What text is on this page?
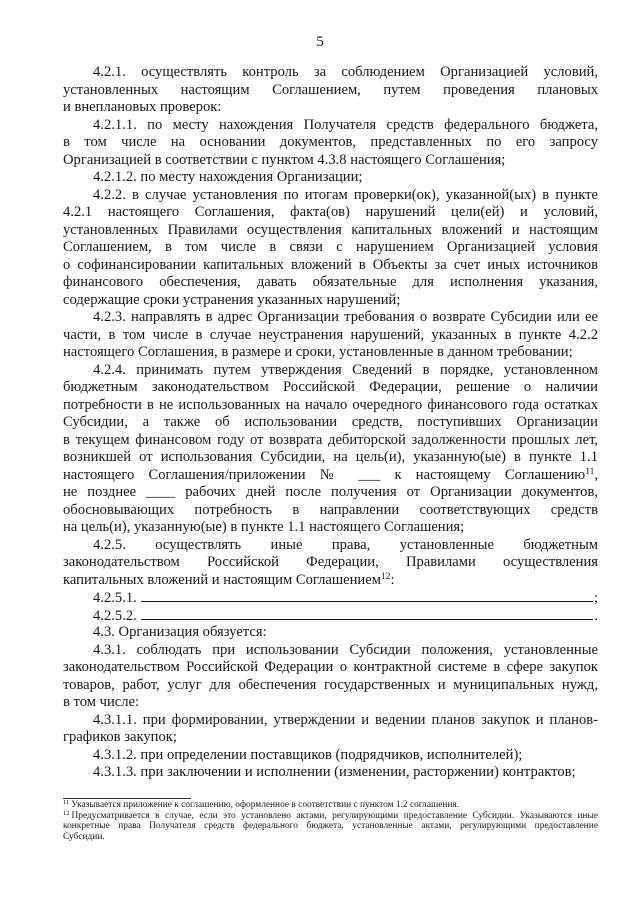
5
4.2.1. осуществлять контроль за соблюдением Организацией условий,
установленных настоящим Соглашением, путем проведения плановых
и внеплановых проверок:
4.2.1.1. по месту нахождения Получателя средств федерального бюджета,
в том числе на основании документов, представленных по его запросу
Организацией в соответствии с пунктом 4.3.8 настоящего Соглашения;
4.2.1.2. по месту нахождения Организации;
4.2.2. в случае установления по итогам проверки(ок), указанной(ых) в пункте
4.2.1 настоящего Соглашения, факта(ов) нарушений цели(ей) и условий,
установленных Правилами осуществления капитальных вложений и настоящим
Соглашением, в том числе в связи с нарушением Организацией условия
о софинансировании капитальных вложений в Объекты за счет иных источников
финансового обеспечения, давать обязательные для исполнения указания,
содержащие сроки устранения указанных нарушений;
4.2.3. направлять в адрес Организации требования о возврате Субсидии или ее
части, в том числе в случае неустранения нарушений, указанных в пункте 4.2.2
настоящего Соглашения, в размере и сроки, установленные в данном требовании;
4.2.4. принимать путем утверждения Сведений в порядке, установленном
бюджетным законодательством Российской Федерации, решение о наличии
потребности в не использованных на начало очередного финансового года остатках
Субсидии, а также об использовании средств, поступивших Организации
в текущем финансовом году от возврата дебиторской задолженности прошлых лет,
возникшей от использования Субсидии, на цель(и), указанную(ые) в пункте 1.1
настоящего Соглашения/приложении № ___ к настоящему Соглашению$^{11}$,
не позднее ____ рабочих дней после получения от Организации документов,
обосновывающих потребность в направлении соответствующих средств
на цель(и), указанную(ые) в пункте 1.1 настоящего Соглашения;
4.2.5. осуществлять иные права, установленные бюджетным
законодательством Российской Федерации, Правилами осуществления
капитальных вложений и настоящим Соглашением$^{12}$:
4.2.5.1.	;
4.2.5.2.	.
4.3. Организация обязуется:
4.3.1. соблюдать при использовании Субсидии положения, установленные
законодательством Российской Федерации о контрактной системе в сфере закупок
товаров, работ, услуг для обеспечения государственных и муниципальных нужд,
в том числе:
4.3.1.1. при формировании, утверждении и ведении планов закупок и планов-
графиков закупок;
4.3.1.2. при определении поставщиков (подрядчиков, исполнителей);
4.3.1.3. при заключении и исполнении (изменении, расторжении) контрактов;
$^{11}$ Указывается приложение к соглашению, оформленное в соответствии с пунктом 1.2 соглашения.
$^{12}$ Предусматривается в случае, если это установлено актами, регулирующими предоставление Субсидии. Указываются иные
конкретные права Получателя средств федерального бюджета, установленные актами, регулирующими предоставление
Субсидии.
